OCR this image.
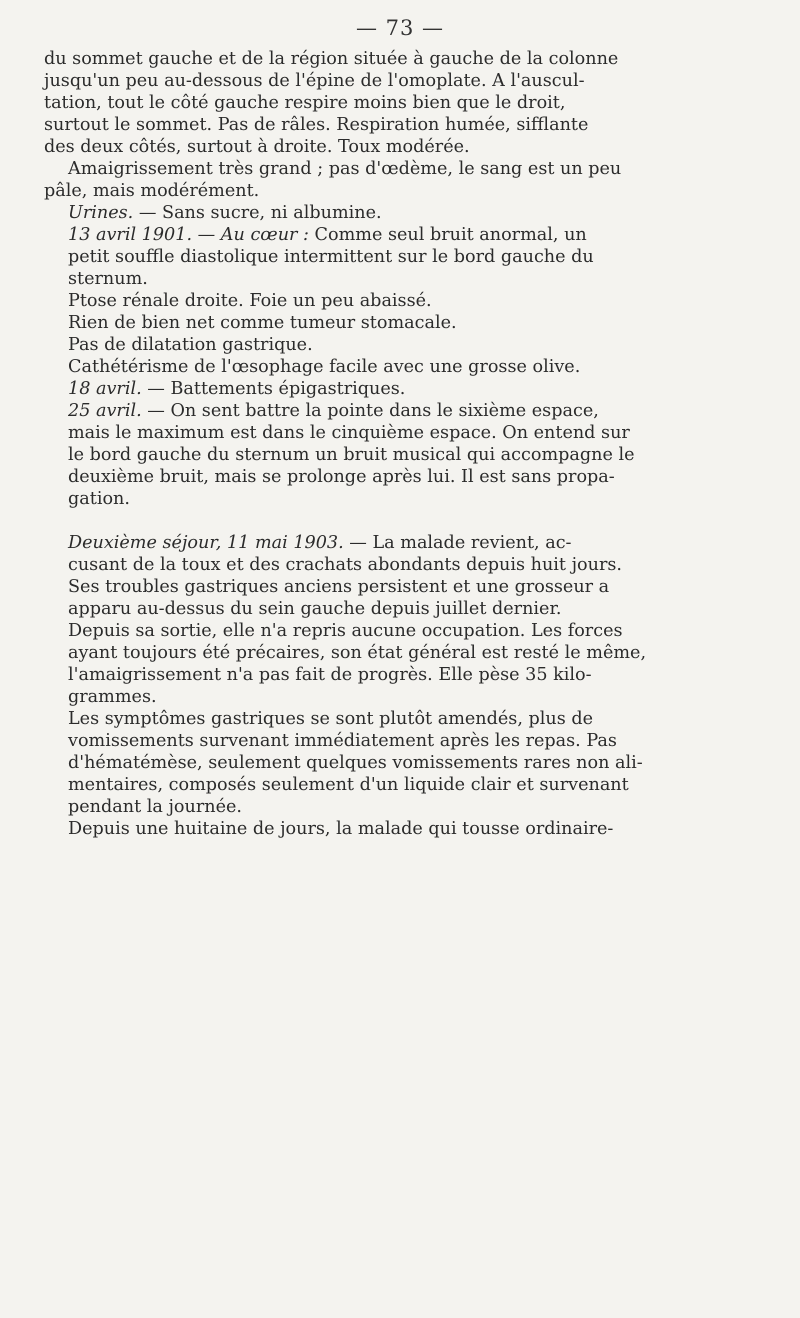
— 73 —

du sommet gauche et de la région située à gauche de la colonne
jusqu'un peu au-dessous de l'épine de l'omoplate. A l'auscul-
tation, tout le côté gauche respire moins bien que le droit,
surtout le sommet. Pas de râles. Respiration humée, sifflante
des deux côtés, surtout à droite. Toux modérée.

Amaigrissement très grand ; pas d'œdème, le sang est un peu
pâle, mais modérément.

Urines. — Sans sucre, ni albumine.

13 avril 1901. — Au cœur : Comme seul bruit anormal, un
petit souffle diastolique intermittent sur le bord gauche du
sternum.

Ptose rénale droite. Foie un peu abaissé.

Rien de bien net comme tumeur stomacale.

Pas de dilatation gastrique.

Cathétérisme de l'œsophage facile avec une grosse olive.

18 avril. — Battements épigastriques.

25 avril. — On sent battre la pointe dans le sixième espace,
mais le maximum est dans le cinquième espace. On entend sur
le bord gauche du sternum un bruit musical qui accompagne le
deuxième bruit, mais se prolonge après lui. Il est sans propa-
gation.

Deuxième séjour, 11 mai 1903. — La malade revient, ac-
cusant de la toux et des crachats abondants depuis huit jours.
Ses troubles gastriques anciens persistent et une grosseur a
apparu au-dessus du sein gauche depuis juillet dernier.

Depuis sa sortie, elle n'a repris aucune occupation. Les forces
ayant toujours été précaires, son état général est resté le même,
l'amaigrissement n'a pas fait de progrès. Elle pèse 35 kilo-
grammes.

Les symptômes gastriques se sont plutôt amendés, plus de
vomissements survenant immédiatement après les repas. Pas
d'hématémèse, seulement quelques vomissements rares non ali-
mentaires, composés seulement d'un liquide clair et survenant
pendant la journée.

Depuis une huitaine de jours, la malade qui tousse ordinaire-
